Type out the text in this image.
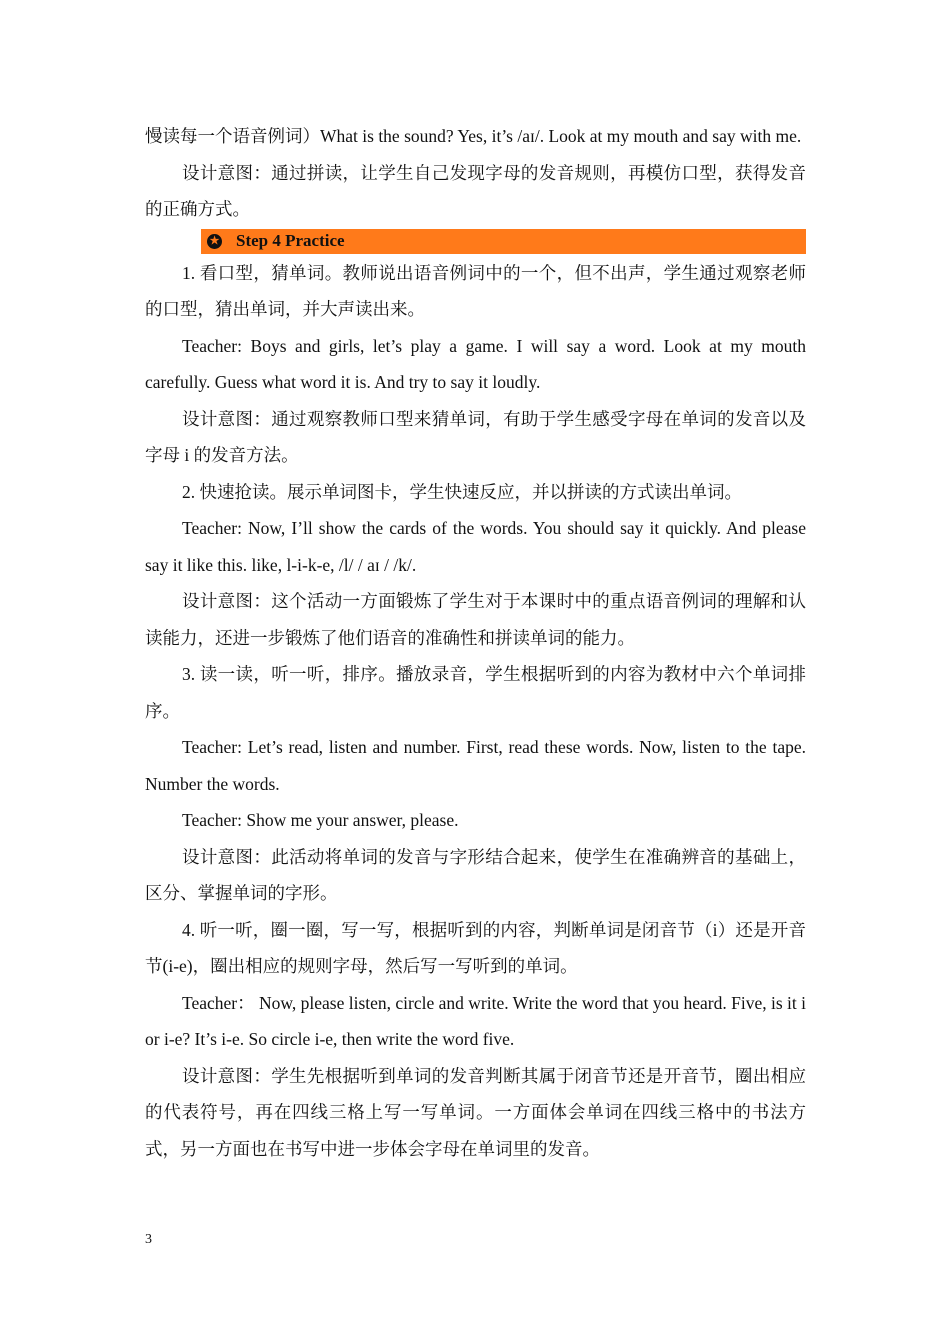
慢读每一个语音例词）What is the sound? Yes, it’s /aɪ/. Look at my mouth and say with me.

设计意图：通过拼读，让学生自己发现字母的发音规则，再模仿口型，获得发音的正确方式。

★ Step 4 Practice

1. 看口型，猜单词。教师说出语音例词中的一个，但不出声，学生通过观察老师的口型，猜出单词，并大声读出来。

Teacher: Boys and girls, let’s play a game. I will say a word. Look at my mouth carefully. Guess what word it is. And try to say it loudly.

设计意图：通过观察教师口型来猜单词，有助于学生感受字母在单词的发音以及字母 i 的发音方法。

2. 快速抢读。展示单词图卡，学生快速反应，并以拼读的方式读出单词。

Teacher: Now, I’ll show the cards of the words. You should say it quickly. And please say it like this. like, l-i-k-e, /l/ / aɪ / /k/.

设计意图：这个活动一方面锻炼了学生对于本课时中的重点语音例词的理解和认读能力，还进一步锻炼了他们语音的准确性和拼读单词的能力。

3. 读一读，听一听，排序。播放录音，学生根据听到的内容为教材中六个单词排序。

Teacher: Let’s read, listen and number. First, read these words. Now, listen to the tape. Number the words.

Teacher: Show me your answer, please.

设计意图：此活动将单词的发音与字形结合起来，使学生在准确辨音的基础上，区分、掌握单词的字形。

4. 听一听，圈一圈，写一写，根据听到的内容，判断单词是闭音节（i）还是开音节(i-e)，圈出相应的规则字母，然后写一写听到的单词。

Teacher： Now, please listen, circle and write. Write the word that you heard. Five, is it i or i-e? It’s i-e. So circle i-e, then write the word five.

设计意图：学生先根据听到单词的发音判断其属于闭音节还是开音节，圈出相应的代表符号，再在四线三格上写一写单词。一方面体会单词在四线三格中的书法方式，另一方面也在书写中进一步体会字母在单词里的发音。

3
